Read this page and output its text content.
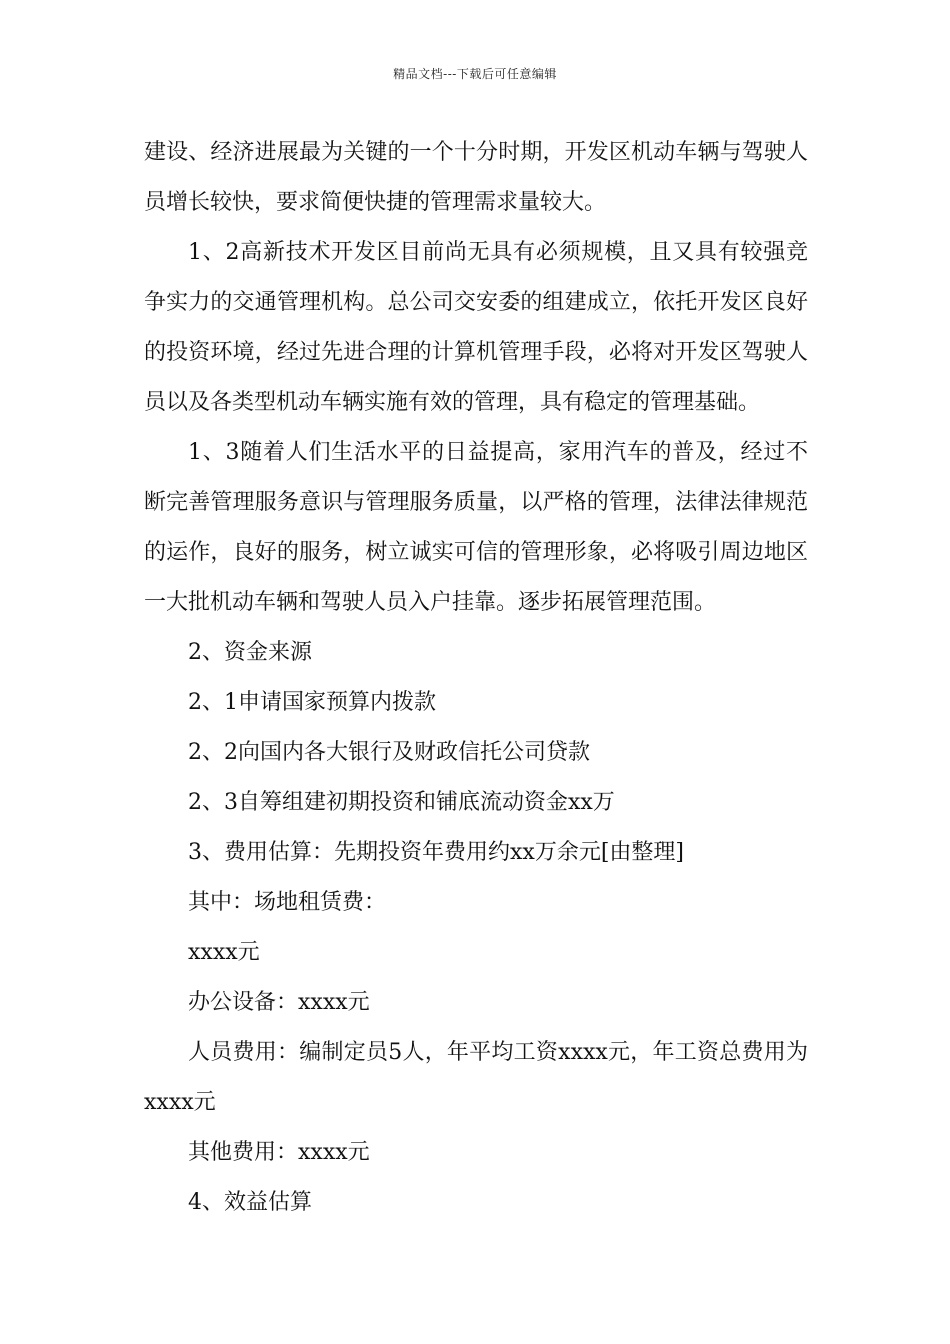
精品文档---下载后可任意编辑

建设、经济进展最为关键的一个十分时期，开发区机动车辆与驾驶人员增长较快，要求简便快捷的管理需求量较大。

1、2高新技术开发区目前尚无具有必须规模，且又具有较强竞争实力的交通管理机构。总公司交安委的组建成立，依托开发区良好的投资环境，经过先进合理的计算机管理手段，必将对开发区驾驶人员以及各类型机动车辆实施有效的管理，具有稳定的管理基础。

1、3随着人们生活水平的日益提高，家用汽车的普及，经过不断完善管理服务意识与管理服务质量，以严格的管理，法律法律规范的运作，良好的服务，树立诚实可信的管理形象，必将吸引周边地区一大批机动车辆和驾驶人员入户挂靠。逐步拓展管理范围。

2、资金来源

2、1申请国家预算内拨款

2、2向国内各大银行及财政信托公司贷款

2、3自筹组建初期投资和铺底流动资金xx万

3、费用估算：先期投资年费用约xx万余元[由整理]

其中：场地租赁费：

xxxx元

办公设备：xxxx元

人员费用：编制定员5人，年平均工资xxxx元，年工资总费用为xxxx元

其他费用：xxxx元

4、效益估算
